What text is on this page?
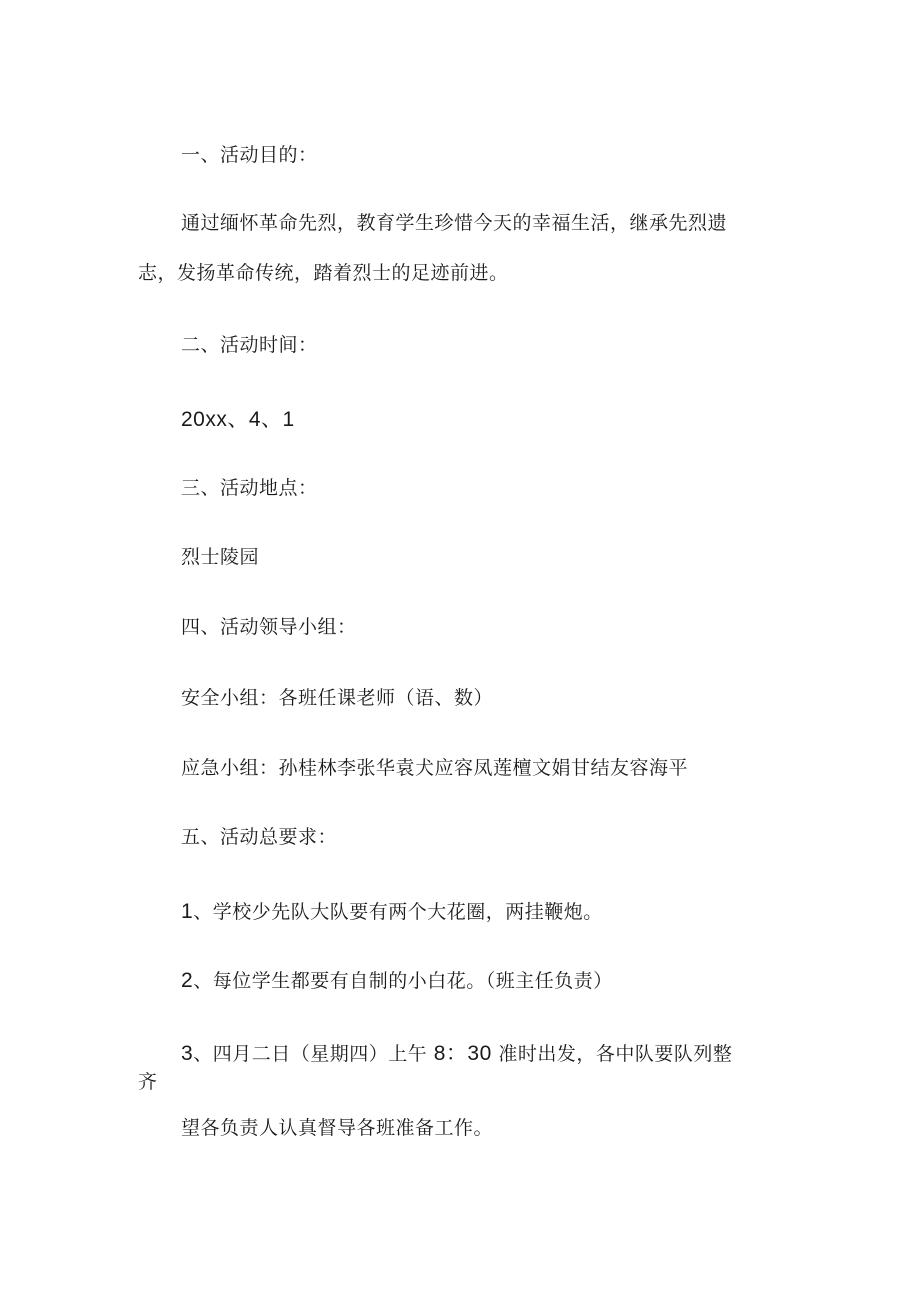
一、活动目的：
通过缅怀革命先烈，教育学生珍惜今天的幸福生活，继承先烈遗
志，发扬革命传统，踏着烈士的足迹前进。
二、活动时间：
20xx、4、1
三、活动地点：
烈士陵园
四、活动领导小组：
安全小组：各班任课老师（语、数）
应急小组：孙桂林李张华袁犬应容凤莲檀文娟甘结友容海平
五、活动总要求：
1、学校少先队大队要有两个大花圈，两挂鞭炮。
2、每位学生都要有自制的小白花。（班主任负责）
3、四月二日（星期四）上午 8：30 准时出发，各中队要队列整
齐
望各负责人认真督导各班准备工作。
